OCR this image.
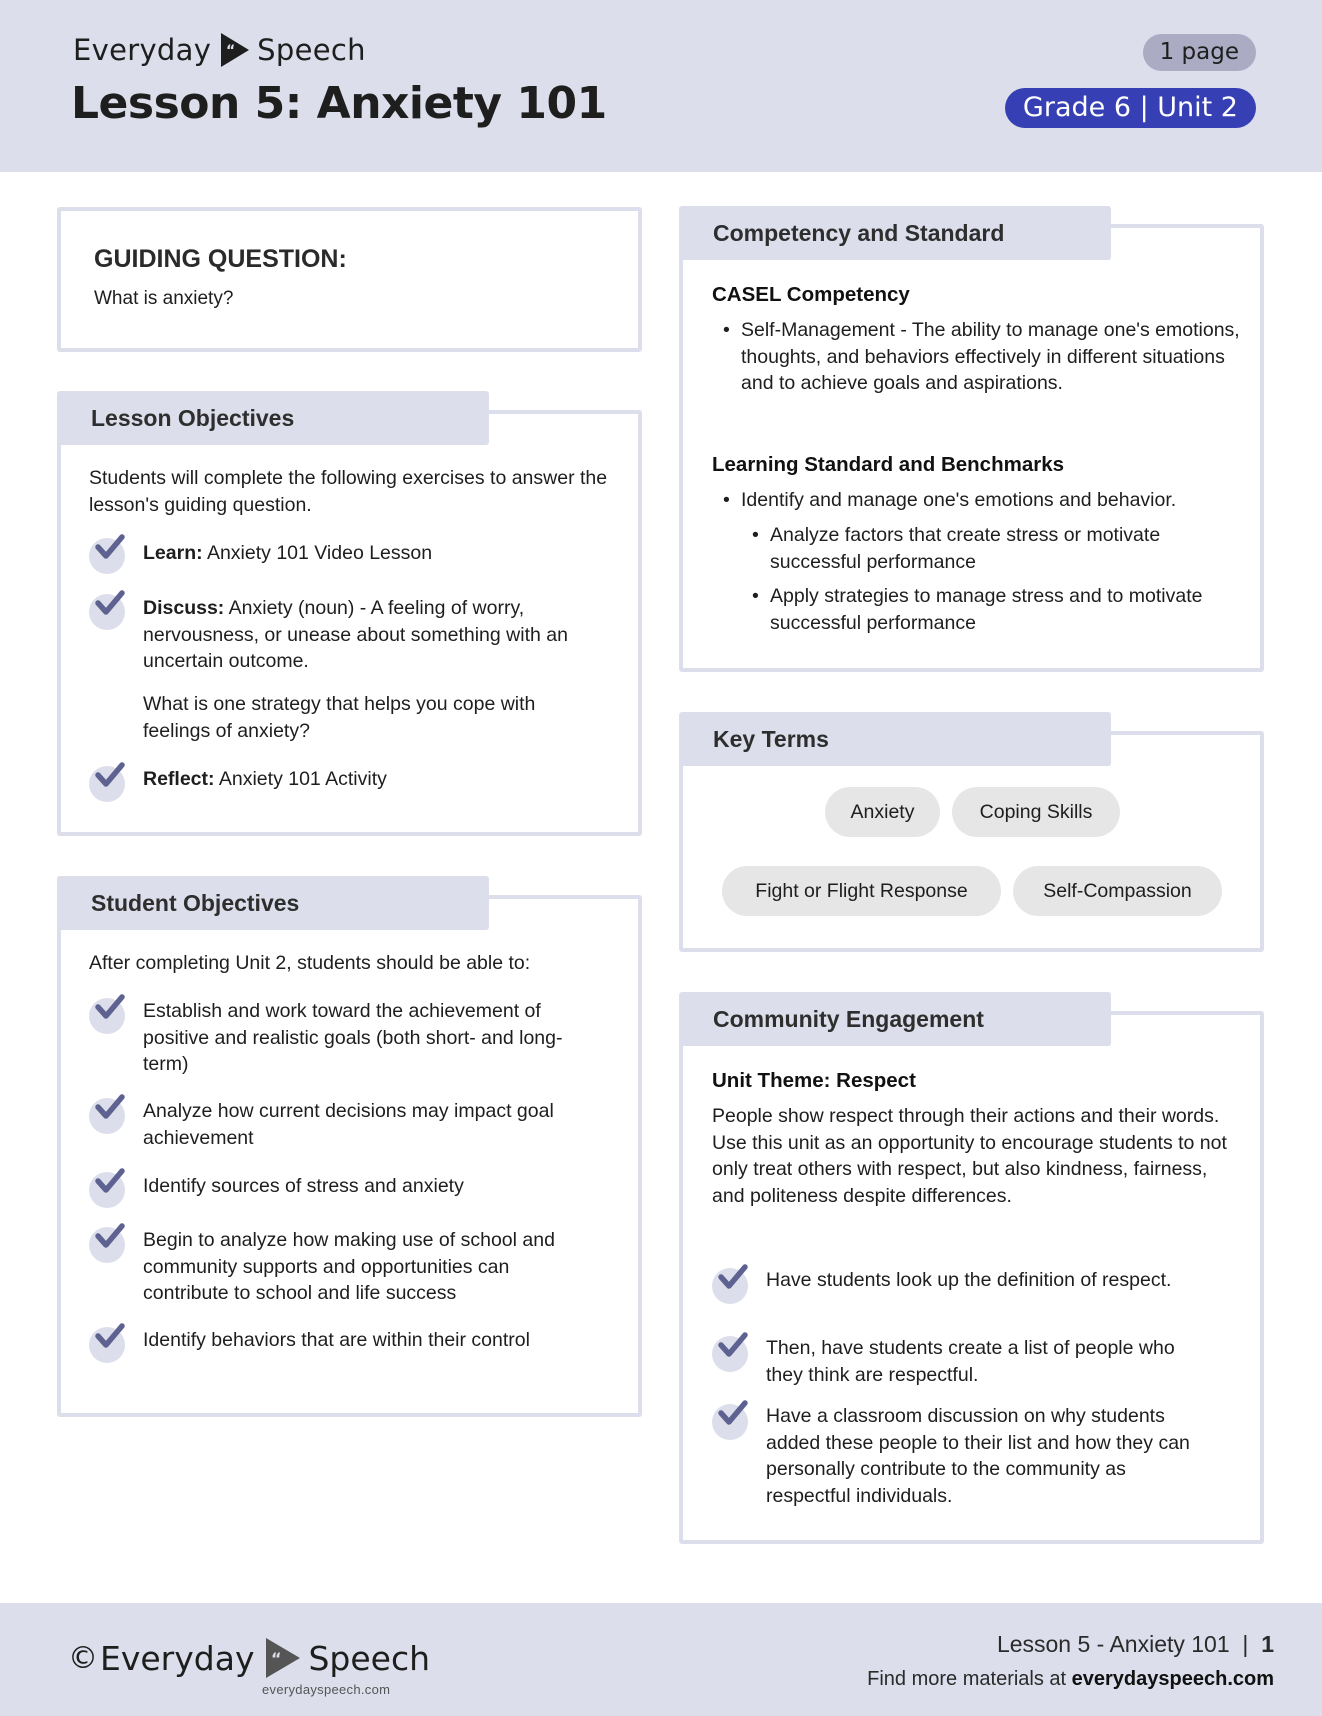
Everyday “ Speech
Lesson 5: Anxiety 101
1 page
Grade 6 | Unit 2
GUIDING QUESTION:
What is anxiety?
Lesson Objectives
Students will complete the following exercises to answer the lesson's guiding question.
Learn: Anxiety 101 Video Lesson
Discuss: Anxiety (noun) - A feeling of worry, nervousness, or unease about something with an uncertain outcome.
What is one strategy that helps you cope with feelings of anxiety?
Reflect: Anxiety 101 Activity
Student Objectives
After completing Unit 2, students should be able to:
Establish and work toward the achievement of positive and realistic goals (both short- and long-term)
Analyze how current decisions may impact goal achievement
Identify sources of stress and anxiety
Begin to analyze how making use of school and community supports and opportunities can contribute to school and life success
Identify behaviors that are within their control
Competency and Standard
CASEL Competency
• Self-Management - The ability to manage one's emotions, thoughts, and behaviors effectively in different situations and to achieve goals and aspirations.
Learning Standard and Benchmarks
• Identify and manage one's emotions and behavior.
• Analyze factors that create stress or motivate successful performance
• Apply strategies to manage stress and to motivate successful performance
Key Terms
Anxiety	Coping Skills
Fight or Flight Response	Self-Compassion
Community Engagement
Unit Theme: Respect
People show respect through their actions and their words. Use this unit as an opportunity to encourage students to not only treat others with respect, but also kindness, fairness, and politeness despite differences.
Have students look up the definition of respect.
Then, have students create a list of people who they think are respectful.
Have a classroom discussion on why students added these people to their list and how they can personally contribute to the community as respectful individuals.
© Everyday “ Speech
everydayspeech.com
Lesson 5 - Anxiety 101  |  1
Find more materials at everydayspeech.com
